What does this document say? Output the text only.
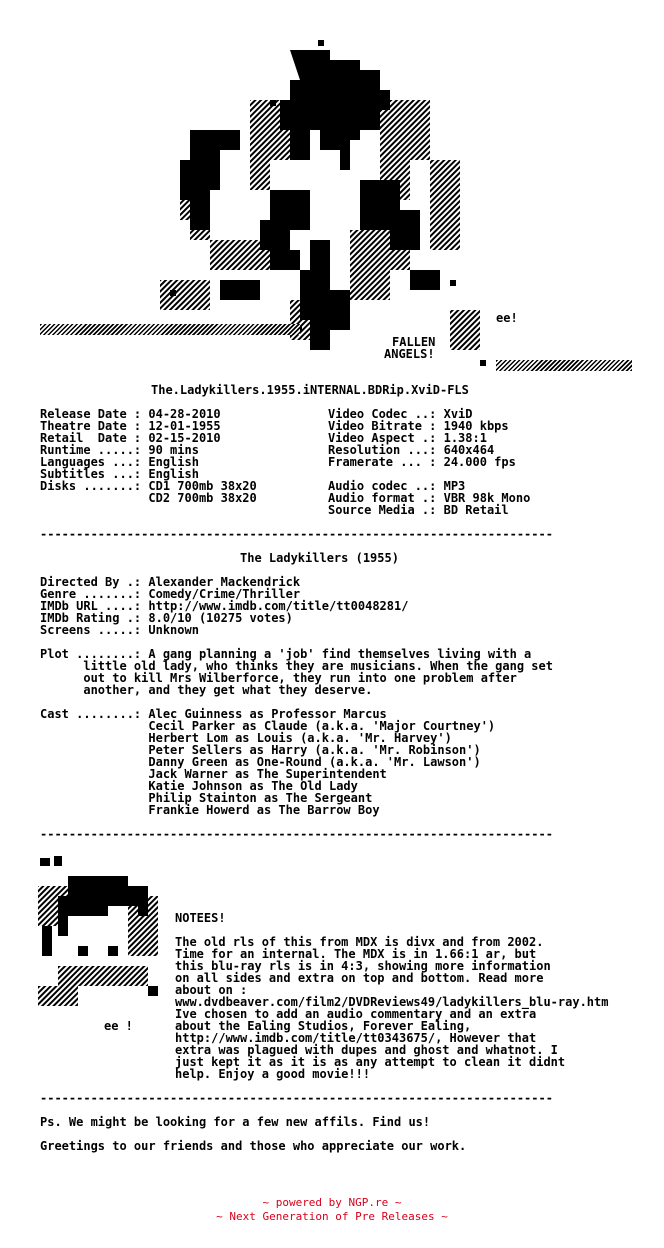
ee!
FALLEN
ANGELS!
The.Ladykillers.1955.iNTERNAL.BDRip.XviD-FLS
Release Date : 04-28-2010
Theatre Date : 12-01-1955
Retail  Date : 02-15-2010
Runtime .....: 90 mins
Languages ...: English
Subtitles ...: English
Disks .......: CD1 700mb 38x20
CD2 700mb 38x20
Video Codec ..: XviD
Video Bitrate : 1940 kbps
Video Aspect .: 1.38:1
Resolution ...: 640x464
Framerate ... : 24.000 fps
Audio codec ..: MP3
Audio format .: VBR 98k Mono
Source Media .: BD Retail
-----------------------------------------------------------------------
The Ladykillers (1955)
Directed By .: Alexander Mackendrick
Genre .......: Comedy/Crime/Thriller
IMDb URL ....: http://www.imdb.com/title/tt0048281/
IMDb Rating .: 8.0/10 (10275 votes)
Screens .....: Unknown
Plot ........: A gang planning a 'job' find themselves living with a
little old lady, who thinks they are musicians. When the gang set
out to kill Mrs Wilberforce, they run into one problem after
another, and they get what they deserve.
Cast ........: Alec Guinness as Professor Marcus
Cecil Parker as Claude (a.k.a. 'Major Courtney')
Herbert Lom as Louis (a.k.a. 'Mr. Harvey')
Peter Sellers as Harry (a.k.a. 'Mr. Robinson')
Danny Green as One-Round (a.k.a. 'Mr. Lawson')
Jack Warner as The Superintendent
Katie Johnson as The Old Lady
Philip Stainton as The Sergeant
Frankie Howerd as The Barrow Boy
-----------------------------------------------------------------------
NOTEES!
The old rls of this from MDX is divx and from 2002.
Time for an internal. The MDX is in 1.66:1 ar, but
this blu-ray rls is in 4:3, showing more information
on all sides and extra on top and bottom. Read more
about on :
www.dvdbeaver.com/film2/DVDReviews49/ladykillers_blu-ray.htm
Ive chosen to add an audio commentary and an extra
about the Ealing Studios, Forever Ealing,
http://www.imdb.com/title/tt0343675/, However that
extra was plagued with dupes and ghost and whatnot. I
just kept it as it is as any attempt to clean it didnt
help. Enjoy a good movie!!!
-----------------------------------------------------------------------
Ps. We might be looking for a few new affils. Find us!
Greetings to our friends and those who appreciate our work.
ee !
~ powered by NGP.re ~
~ Next Generation of Pre Releases ~
